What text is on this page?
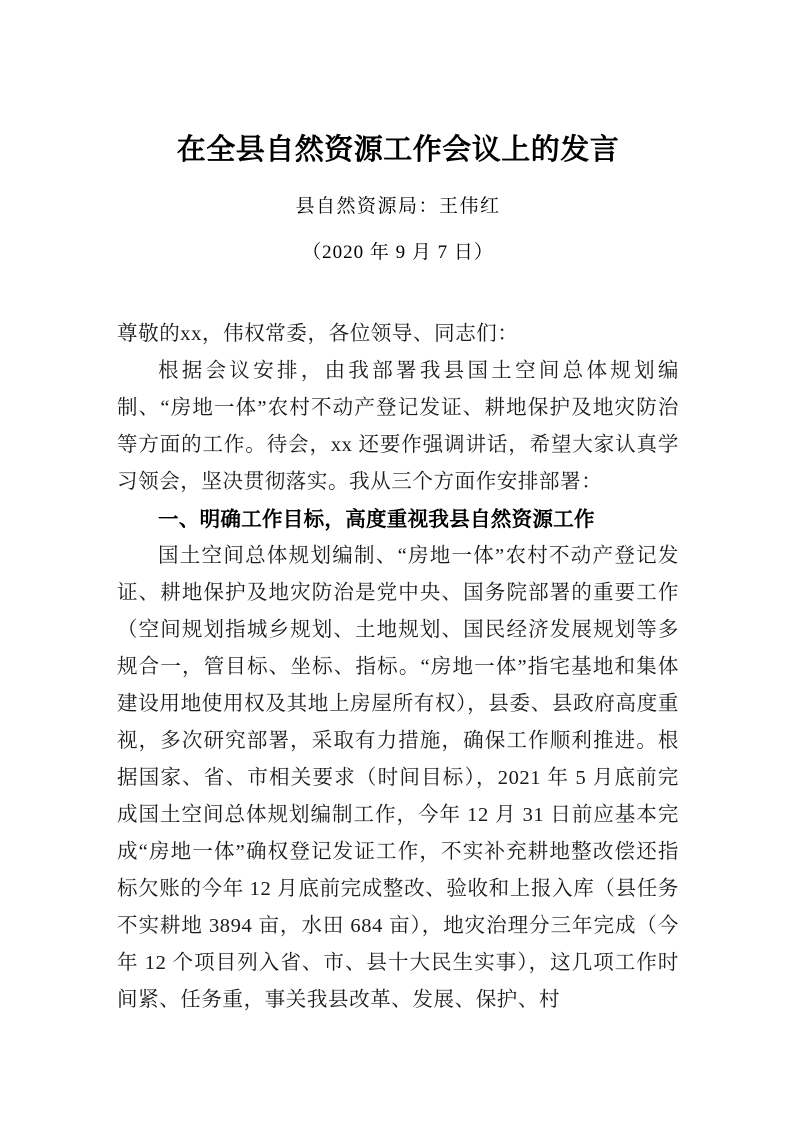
在全县自然资源工作会议上的发言

县自然资源局：王伟红

（2020 年 9 月 7 日）

尊敬的xx，伟权常委，各位领导、同志们：

根据会议安排，由我部署我县国土空间总体规划编制、“房地一体”农村不动产登记发证、耕地保护及地灾防治等方面的工作。待会，xx 还要作强调讲话，希望大家认真学习领会，坚决贯彻落实。我从三个方面作安排部署：

一、明确工作目标，高度重视我县自然资源工作

国土空间总体规划编制、“房地一体”农村不动产登记发证、耕地保护及地灾防治是党中央、国务院部署的重要工作（空间规划指城乡规划、土地规划、国民经济发展规划等多规合一，管目标、坐标、指标。“房地一体”指宅基地和集体建设用地使用权及其地上房屋所有权），县委、县政府高度重视，多次研究部署，采取有力措施，确保工作顺利推进。根据国家、省、市相关要求（时间目标），2021 年 5 月底前完成国土空间总体规划编制工作，今年 12 月 31 日前应基本完成“房地一体”确权登记发证工作，不实补充耕地整改偿还指标欠账的今年 12 月底前完成整改、验收和上报入库（县任务不实耕地 3894 亩，水田 684 亩），地灾治理分三年完成（今年 12 个项目列入省、市、县十大民生实事），这几项工作时间紧、任务重，事关我县改革、发展、保护、村
